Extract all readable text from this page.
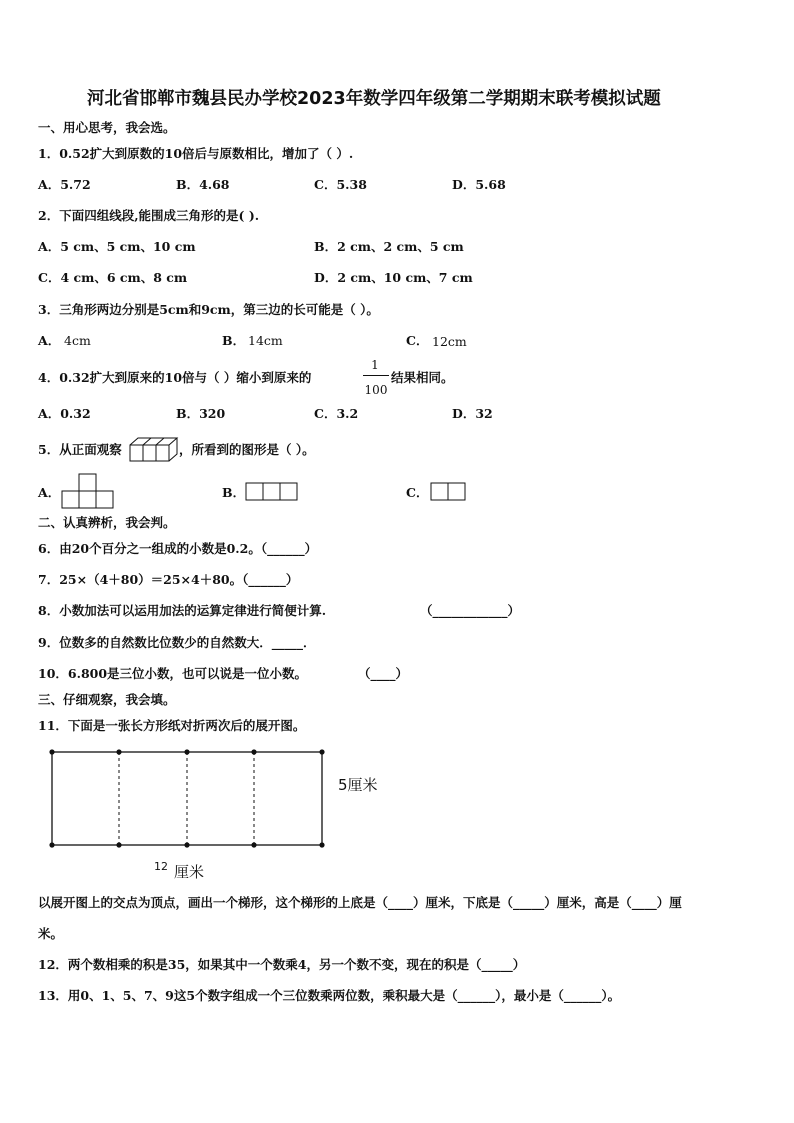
河北省邯郸市魏县民办学校2023年数学四年级第二学期期末联考模拟试题
一、用心思考，我会选。
1．0.52扩大到原数的10倍后与原数相比，增加了（ ）.
A．5.72	B．4.68	C．5.38	D．5.68
2．下面四组线段,能围成三角形的是( ).
A．5 cm、5 cm、10 cm	B．2 cm、2 cm、5 cm
C．4 cm、6 cm、8 cm	D．2 cm、10 cm、7 cm
3．三角形两边分别是5cm和9cm，第三边的长可能是（ ）。
A． 4cm	B． 14cm	C． 12cm
4．0.32扩大到原来的10倍与（ ）缩小到原来的
1
100
结果相同。
A．0.32	B．320	C．3.2	D．32
5．从正面观察	，所看到的图形是（ ）。
A．	B．	C．
二、认真辨析，我会判。
6．由20个百分之一组成的小数是0.2。（______）
7．25×（4＋80）＝25×4＋80。（______）
8．小数加法可以运用加法的运算定律进行简便计算.	（____________）
9．位数多的自然数比位数少的自然数大．_____．
10．6.800是三位小数，也可以说是一位小数。	（____）
三、仔细观察，我会填。
11．下面是一张长方形纸对折两次后的展开图。
5厘米
12 厘米
以展开图上的交点为顶点，画出一个梯形，这个梯形的上底是（____）厘米，下底是（_____）厘米，高是（____）厘
米。
12．两个数相乘的积是35，如果其中一个数乘4，另一个数不变，现在的积是（_____）
13．用0、1、5、7、9这5个数字组成一个三位数乘两位数，乘积最大是（______），最小是（______）。
